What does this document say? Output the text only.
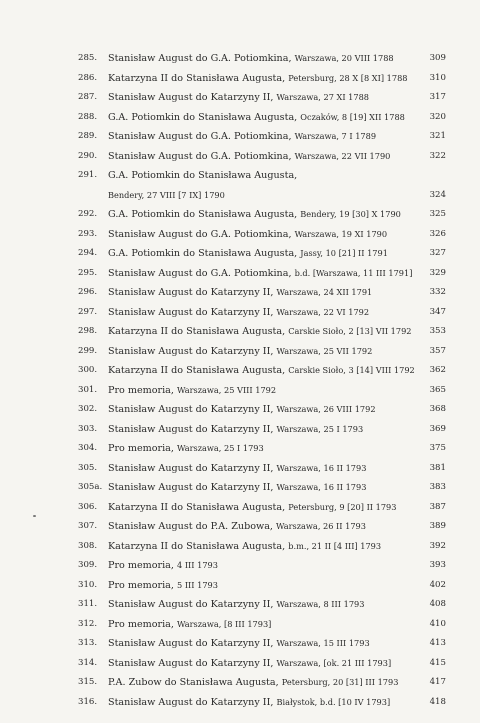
285.	Stanisław August do G.A. Potiomkina, Warszawa, 20 VIII 1788	309
286.	Katarzyna II do Stanisława Augusta, Petersburg, 28 X [8 XI] 1788	310
287.	Stanisław August do Katarzyny II, Warszawa, 27 XI 1788	317
288.	G.A. Potiomkin do Stanisława Augusta, Oczaków, 8 [19] XII 1788	320
289.	Stanisław August do G.A. Potiomkina, Warszawa, 7 I 1789	321
290.	Stanisław August do G.A. Potiomkina, Warszawa, 22 VII 1790	322
291.	G.A. Potiomkin do Stanisława Augusta,
Bendery, 27 VIII [7 IX] 1790	324
292.	G.A. Potiomkin do Stanisława Augusta, Bendery, 19 [30] X 1790	325
293.	Stanisław August do G.A. Potiomkina, Warszawa, 19 XI 1790	326
294.	G.A. Potiomkin do Stanisława Augusta, Jassy, 10 [21] II 1791	327
295.	Stanisław August do G.A. Potiomkina, b.d. [Warszawa, 11 III 1791]	329
296.	Stanisław August do Katarzyny II, Warszawa, 24 XII 1791	332
297.	Stanisław August do Katarzyny II, Warszawa, 22 VI 1792	347
298.	Katarzyna II do Stanisława Augusta, Carskie Sioło, 2 [13] VII 1792	353
299.	Stanisław August do Katarzyny II, Warszawa, 25 VII 1792	357
300.	Katarzyna II do Stanisława Augusta, Carskie Sioło, 3 [14] VIII 1792	362
301.	Pro memoria, Warszawa, 25 VIII 1792	365
302.	Stanisław August do Katarzyny II, Warszawa, 26 VIII 1792	368
303.	Stanisław August do Katarzyny II, Warszawa, 25 I 1793	369
304.	Pro memoria, Warszawa, 25 I 1793	375
305.	Stanisław August do Katarzyny II, Warszawa, 16 II 1793	381
305a. Stanisław August do Katarzyny II, Warszawa, 16 II 1793	383
306.	Katarzyna II do Stanisława Augusta, Petersburg, 9 [20] II 1793	387
307.	Stanisław August do P.A. Zubowa, Warszawa, 26 II 1793	389
308.	Katarzyna II do Stanisława Augusta, b.m., 21 II [4 III] 1793	392
309.	Pro memoria, 4 III 1793	393
310.	Pro memoria, 5 III 1793	402
311.	Stanisław August do Katarzyny II, Warszawa, 8 III 1793	408
312.	Pro memoria, Warszawa, [8 III 1793]	410
313.	Stanisław August do Katarzyny II, Warszawa, 15 III 1793	413
314.	Stanisław August do Katarzyny II, Warszawa, [ok. 21 III 1793]	415
315.	P.A. Zubow do Stanisława Augusta, Petersburg, 20 [31] III 1793	417
316.	Stanisław August do Katarzyny II, Białystok, b.d. [10 IV 1793]	418
